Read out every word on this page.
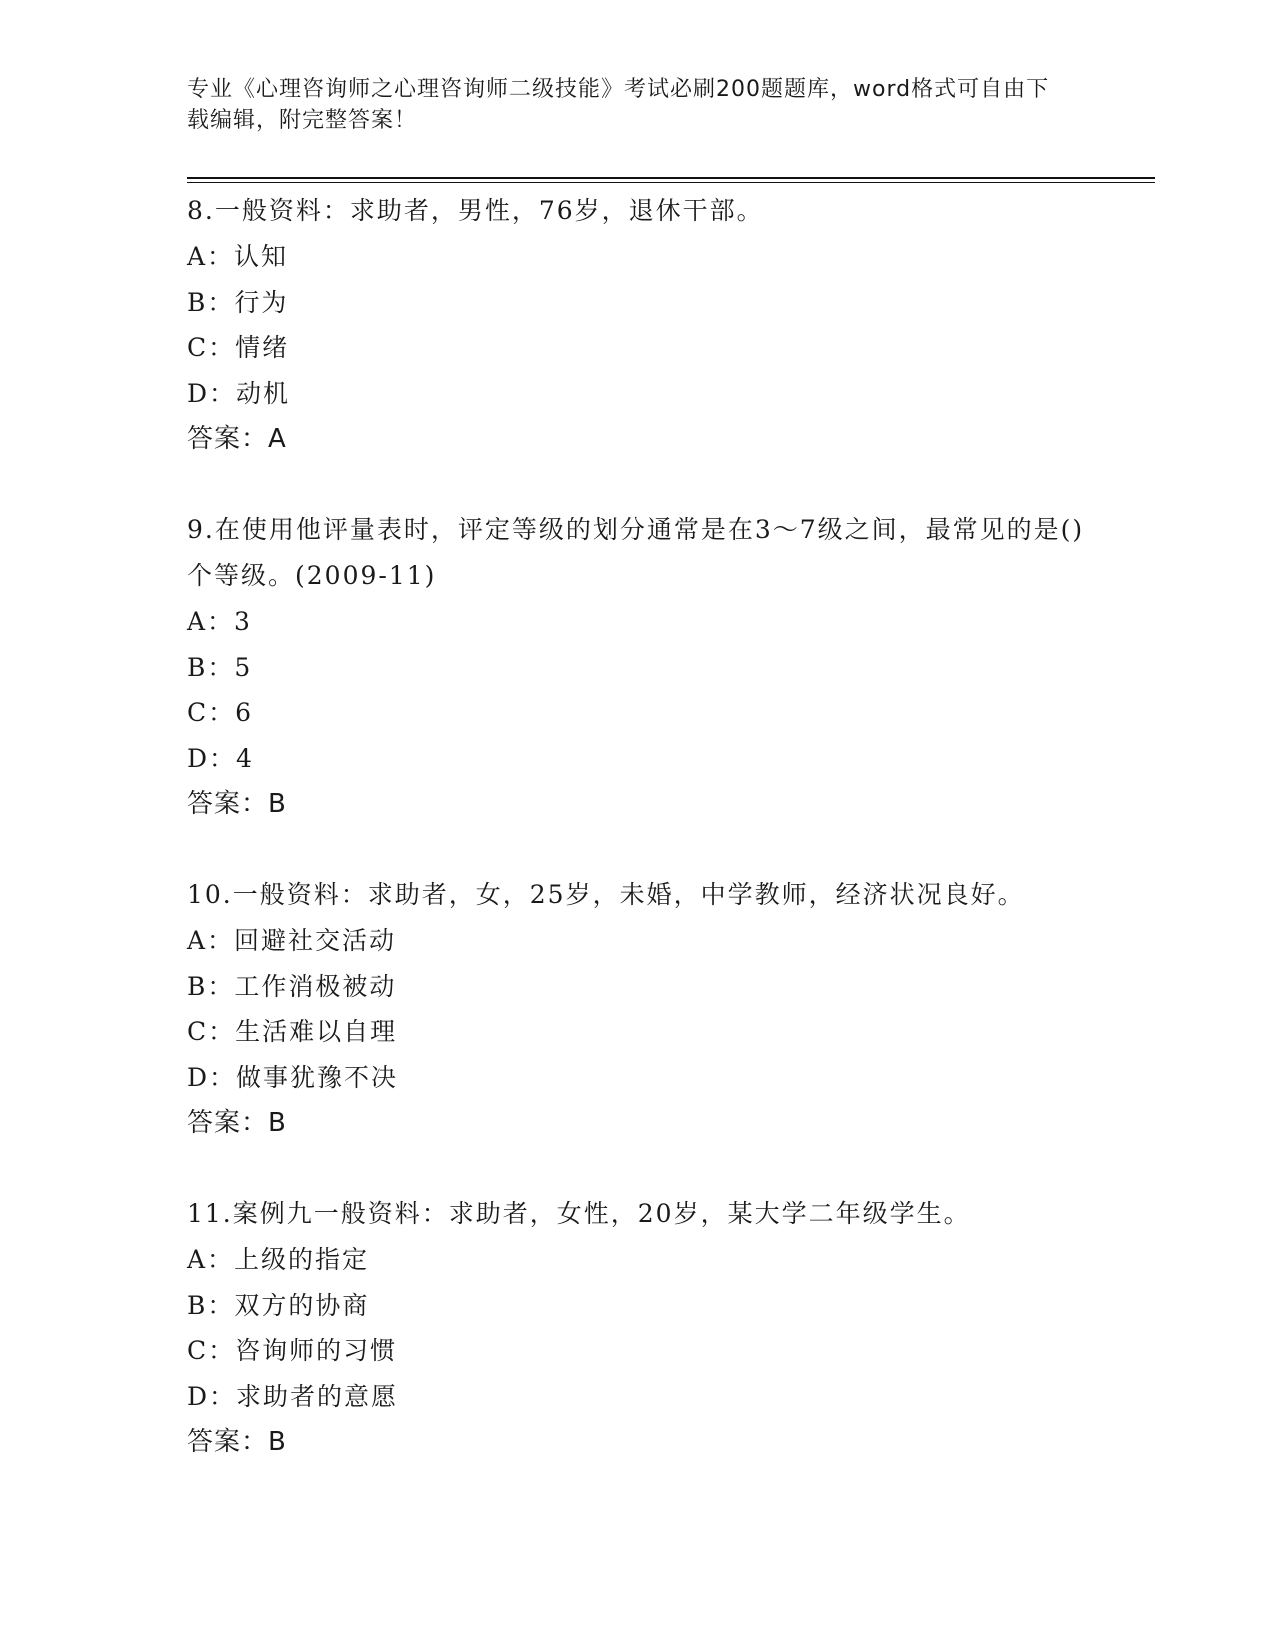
专业《心理咨询师之心理咨询师二级技能》考试必刷200题题库，word格式可自由下载编辑，附完整答案！

8.一般资料：求助者，男性，76岁，退休干部。

A：认知

B：行为

C：情绪

D：动机

答案：A

9.在使用他评量表时，评定等级的划分通常是在3～7级之间，最常见的是()个等级。(2009-11)

A：3

B：5

C：6

D：4

答案：B

10.一般资料：求助者，女，25岁，未婚，中学教师，经济状况良好。

A：回避社交活动

B：工作消极被动

C：生活难以自理

D：做事犹豫不决

答案：B

11.案例九一般资料：求助者，女性，20岁，某大学二年级学生。

A：上级的指定

B：双方的协商

C：咨询师的习惯

D：求助者的意愿

答案：B
